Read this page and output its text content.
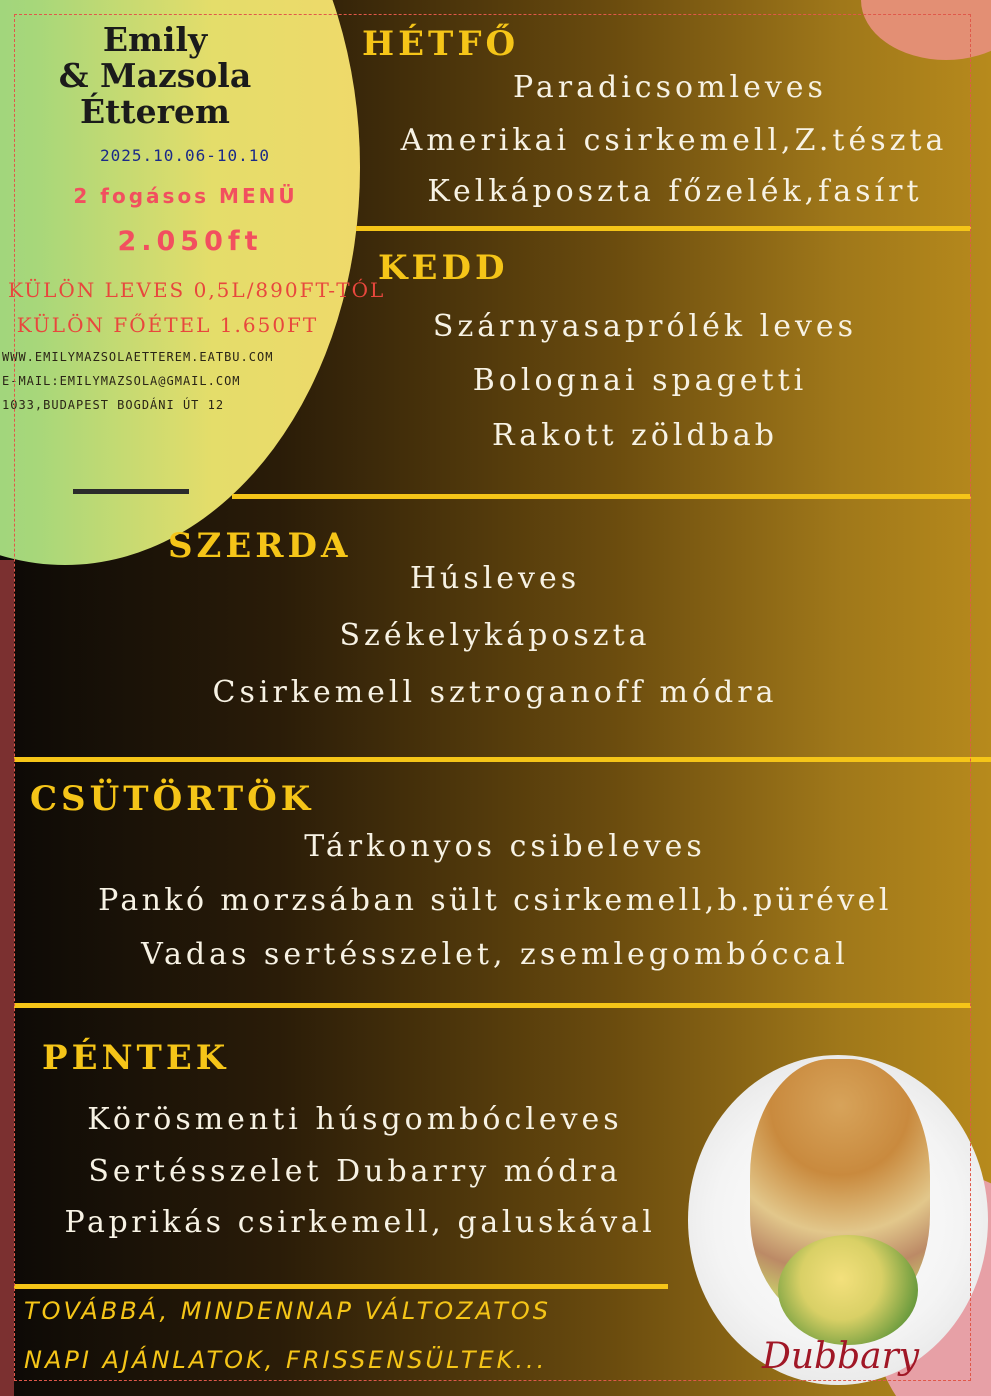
Emily
& Mazsola
Étterem
2025.10.06-10.10
2 fogásos MENÜ
2.050ft
KÜLÖN LEVES 0,5L/890FT-TÓL
KÜLÖN FŐÉTEL 1.650FT
WWW.EMILYMAZSOLAETTEREM.EATBU.COM
E-MAIL:EMILYMAZSOLA@GMAIL.COM
1033,BUDAPEST BOGDÁNI ÚT 12
HÉTFŐ
Paradicsomleves
Amerikai csirkemell,Z.tészta
Kelkáposzta főzelék,fasírt
KEDD
Szárnyasaprólék leves
Bolognai spagetti
Rakott zöldbab
SZERDA
Húsleves
Székelykáposzta
Csirkemell sztroganoff módra
CSÜTÖRTÖK
Tárkonyos csibeleves
Pankó morzsában sült csirkemell,b.pürével
Vadas sertésszelet, zsemlegombóccal
PÉNTEK
Körösmenti húsgombócleves
Sertésszelet Dubarry módra
Paprikás csirkemell, galuskával
Dubbary
TOVÁBBÁ, MINDENNAP VÁLTOZATOS
NAPI AJÁNLATOK, FRISSENSÜLTEK...
